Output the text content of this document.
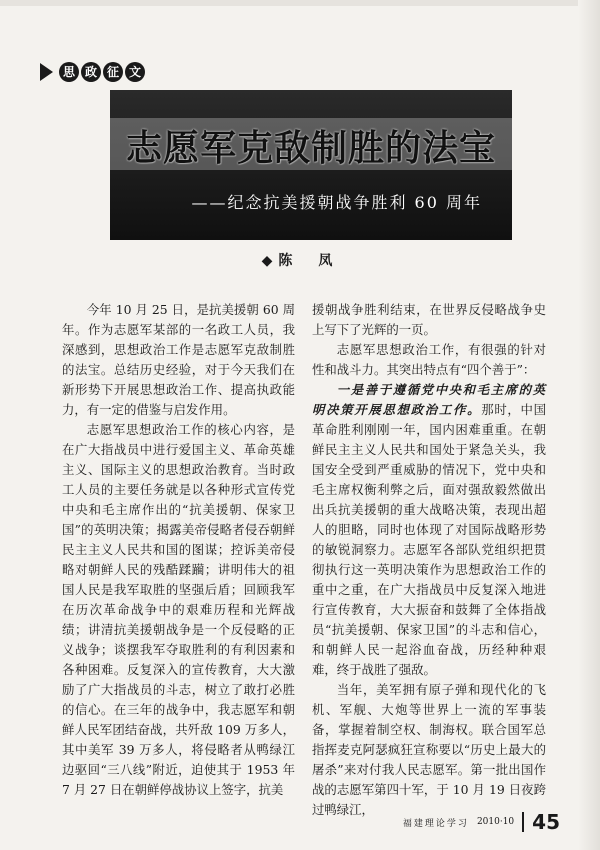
思 政 征 文
志愿军克敌制胜的法宝
——纪念抗美援朝战争胜利 60 周年
◆陈　凤

今年 10 月 25 日，是抗美援朝 60 周年。作为志愿军某部的一名政工人员，我深感到，思想政治工作是志愿军克敌制胜的法宝。总结历史经验，对于今天我们在新形势下开展思想政治工作、提高执政能力，有一定的借鉴与启发作用。

志愿军思想政治工作的核心内容，是在广大指战员中进行爱国主义、革命英雄主义、国际主义的思想政治教育。当时政工人员的主要任务就是以各种形式宣传党中央和毛主席作出的“抗美援朝、保家卫国”的英明决策；揭露美帝侵略者侵吞朝鲜民主主义人民共和国的图谋；控诉美帝侵略对朝鲜人民的残酷蹂躏；讲明伟大的祖国人民是我军取胜的坚强后盾；回顾我军在历次革命战争中的艰难历程和光辉战绩；讲清抗美援朝战争是一个反侵略的正义战争；谈摆我军夺取胜利的有利因素和各种困难。反复深入的宣传教育，大大激励了广大指战员的斗志，树立了敢打必胜的信心。在三年的战争中，我志愿军和朝鲜人民军团结奋战，共歼敌 109 万多人，其中美军 39 万多人，将侵略者从鸭绿江边驱回“三八线”附近，迫使其于 1953 年 7 月 27 日在朝鲜停战协议上签字，抗美

援朝战争胜利结束，在世界反侵略战争史上写下了光辉的一页。

志愿军思想政治工作，有很强的针对性和战斗力。其突出特点有“四个善于”：

一是善于遵循党中央和毛主席的英明决策开展思想政治工作。那时，中国革命胜利刚刚一年，国内困难重重。在朝鲜民主主义人民共和国处于紧急关头，我国安全受到严重威胁的情况下，党中央和毛主席权衡利弊之后，面对强敌毅然做出出兵抗美援朝的重大战略决策，表现出超人的胆略，同时也体现了对国际战略形势的敏锐洞察力。志愿军各部队党组织把贯彻执行这一英明决策作为思想政治工作的重中之重，在广大指战员中反复深入地进行宣传教育，大大振奋和鼓舞了全体指战员“抗美援朝、保家卫国”的斗志和信心，和朝鲜人民一起浴血奋战，历经种种艰难，终于战胜了强敌。

当年，美军拥有原子弹和现代化的飞机、军舰、大炮等世界上一流的军事装备，掌握着制空权、制海权。联合国军总指挥麦克阿瑟疯狂宣称要以“历史上最大的屠杀”来对付我人民志愿军。第一批出国作战的志愿军第四十军，于 10 月 19 日夜跨过鸭绿江，

福建理论学习 2010·10 45
